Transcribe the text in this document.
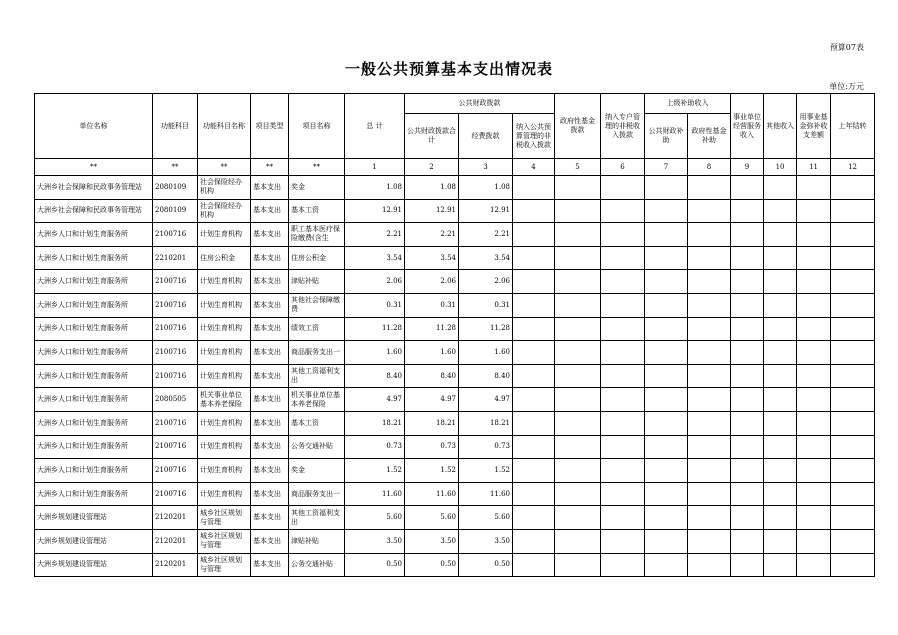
预算07表
一般公共预算基本支出情况表
单位:万元
单位名称	功能科目	功能科目名称	项目类型	项目名称	总 计	公共财政拨款			政府性基金拨款	纳入专户管理的非税收入拨款	上级补助收入		事业单位经营服务收入	其他收入	用事业基金弥补收支差额	上年结转
						公共财政拨款合计	经费拨款	纳入公共预算管理的非税收入拨款			公共财政补助	政府性基金补助				
**	**	**	**	**	1	2	3	4	5	6	7	8	9	10	11	12

大洲乡社会保障和民政事务管理站	2080109	社会保险经办机构	基本支出	奖金	1.08	1.08	1.08									

大洲乡社会保障和民政事务管理站	2080109	社会保险经办机构	基本支出	基本工资	12.91	12.91	12.91									

大洲乡人口和计划生育服务所	2100716	计划生育机构	基本支出	职工基本医疗保险缴费(含生	2.21	2.21	2.21									

大洲乡人口和计划生育服务所	2210201	住房公积金	基本支出	住房公积金	3.54	3.54	3.54									

大洲乡人口和计划生育服务所	2100716	计划生育机构	基本支出	津贴补贴	2.06	2.06	2.06									

大洲乡人口和计划生育服务所	2100716	计划生育机构	基本支出	其他社会保障缴费	0.31	0.31	0.31									

大洲乡人口和计划生育服务所	2100716	计划生育机构	基本支出	绩效工资	11.28	11.28	11.28									

大洲乡人口和计划生育服务所	2100716	计划生育机构	基本支出	商品服务支出一	1.60	1.60	1.60									

大洲乡人口和计划生育服务所	2100716	计划生育机构	基本支出	其他工资福利支出	8.40	8.40	8.40									

大洲乡人口和计划生育服务所	2080505	机关事业单位基本养老保险	基本支出	机关事业单位基本养老保险	4.97	4.97	4.97									

大洲乡人口和计划生育服务所	2100716	计划生育机构	基本支出	基本工资	18.21	18.21	18.21									

大洲乡人口和计划生育服务所	2100716	计划生育机构	基本支出	公务交通补贴	0.73	0.73	0.73									

大洲乡人口和计划生育服务所	2100716	计划生育机构	基本支出	奖金	1.52	1.52	1.52									

大洲乡人口和计划生育服务所	2100716	计划生育机构	基本支出	商品服务支出一	11.60	11.60	11.60									

大洲乡规划建设管理站	2120201	城乡社区规划与管理	基本支出	其他工资福利支出	5.60	5.60	5.60									

大洲乡规划建设管理站	2120201	城乡社区规划与管理	基本支出	津贴补贴	3.50	3.50	3.50									

大洲乡规划建设管理站	2120201	城乡社区规划与管理	基本支出	公务交通补贴	0.50	0.50	0.50									
